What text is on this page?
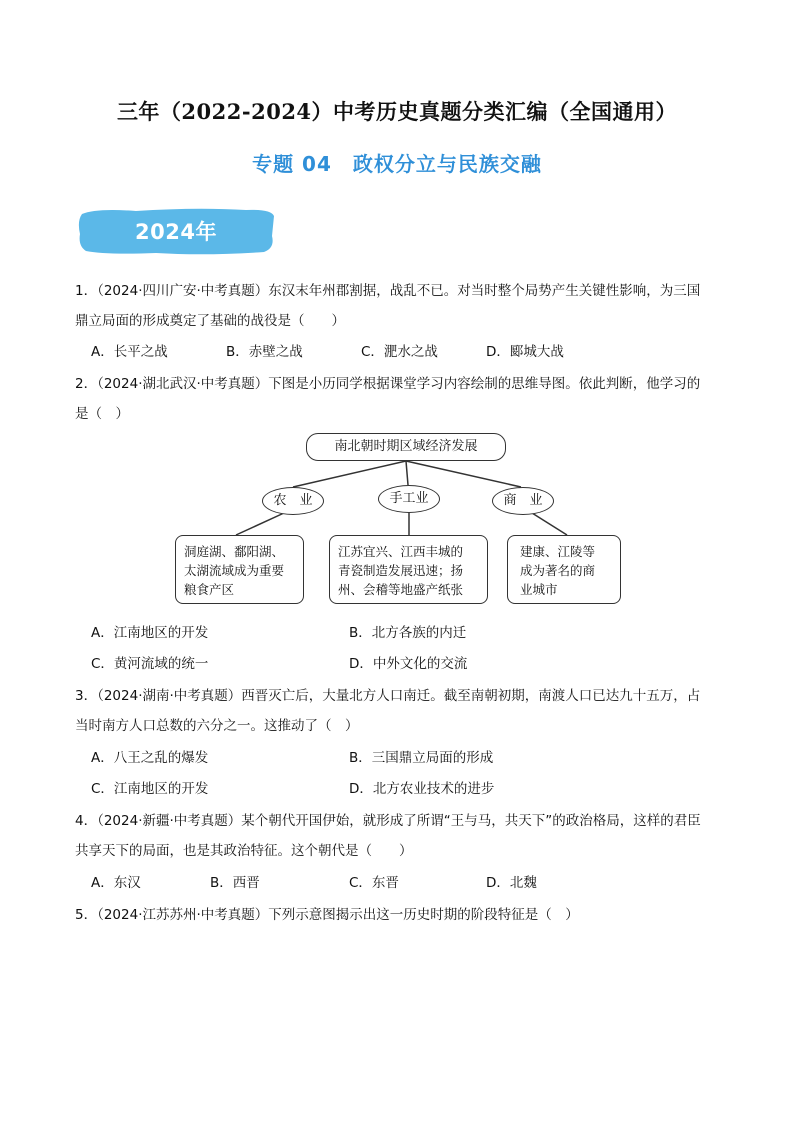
三年（2022-2024）中考历史真题分类汇编（全国通用）
专题 04　政权分立与民族交融
2024年
1．（2024·四川广安·中考真题）东汉末年州郡割据，战乱不已。对当时整个局势产生关键性影响，为三国
鼎立局面的形成奠定了基础的战役是（　　）
A．长平之战	B．赤壁之战	C．淝水之战	D．郾城大战
2．（2024·湖北武汉·中考真题）下图是小历同学根据课堂学习内容绘制的思维导图。依此判断，他学习的
是（　）
南北朝时期区域经济发展
农　业	手工业	商　业
洞庭湖、鄱阳湖、
太湖流域成为重要
粮食产区
江苏宜兴、江西丰城的
青瓷制造发展迅速；扬
州、会稽等地盛产纸张
建康、江陵等
成为著名的商
业城市
A．江南地区的开发	B．北方各族的内迁
C．黄河流域的统一	D．中外文化的交流
3．（2024·湖南·中考真题）西晋灭亡后，大量北方人口南迁。截至南朝初期，南渡人口已达九十五万，占
当时南方人口总数的六分之一。这推动了（　）
A．八王之乱的爆发	B．三国鼎立局面的形成
C．江南地区的开发	D．北方农业技术的进步
4．（2024·新疆·中考真题）某个朝代开国伊始，就形成了所谓“王与马，共天下”的政治格局，这样的君臣
共享天下的局面，也是其政治特征。这个朝代是（　　）
A．东汉	B．西晋	C．东晋	D．北魏
5．（2024·江苏苏州·中考真题）下列示意图揭示出这一历史时期的阶段特征是（　）
